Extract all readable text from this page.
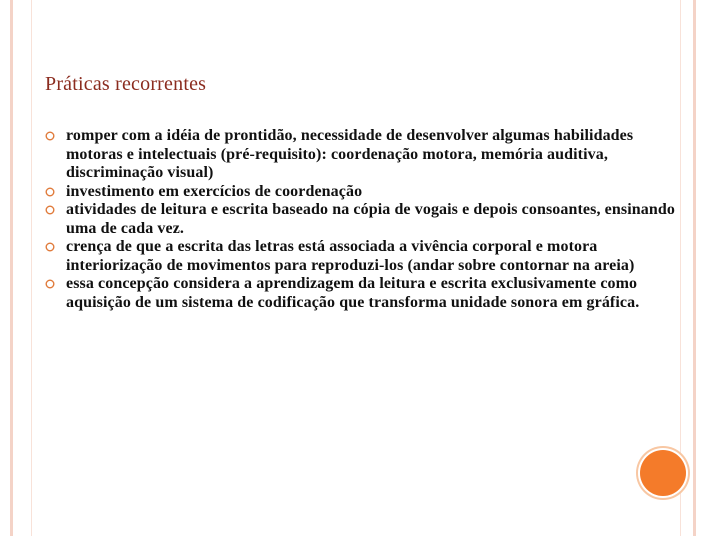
Práticas recorrentes
romper com a idéia de prontidão, necessidade de desenvolver algumas habilidades motoras e intelectuais (pré-requisito): coordenação motora, memória auditiva, discriminação visual)
investimento em exercícios de coordenação
atividades de leitura e escrita baseado na cópia de vogais e depois consoantes, ensinando uma de cada vez.
crença de que a escrita das letras está associada a vivência corporal e motora interiorização de movimentos para reproduzi-los (andar sobre contornar na areia)
essa concepção considera a aprendizagem da leitura e escrita exclusivamente como aquisição de um sistema de codificação que transforma unidade sonora em gráfica.
